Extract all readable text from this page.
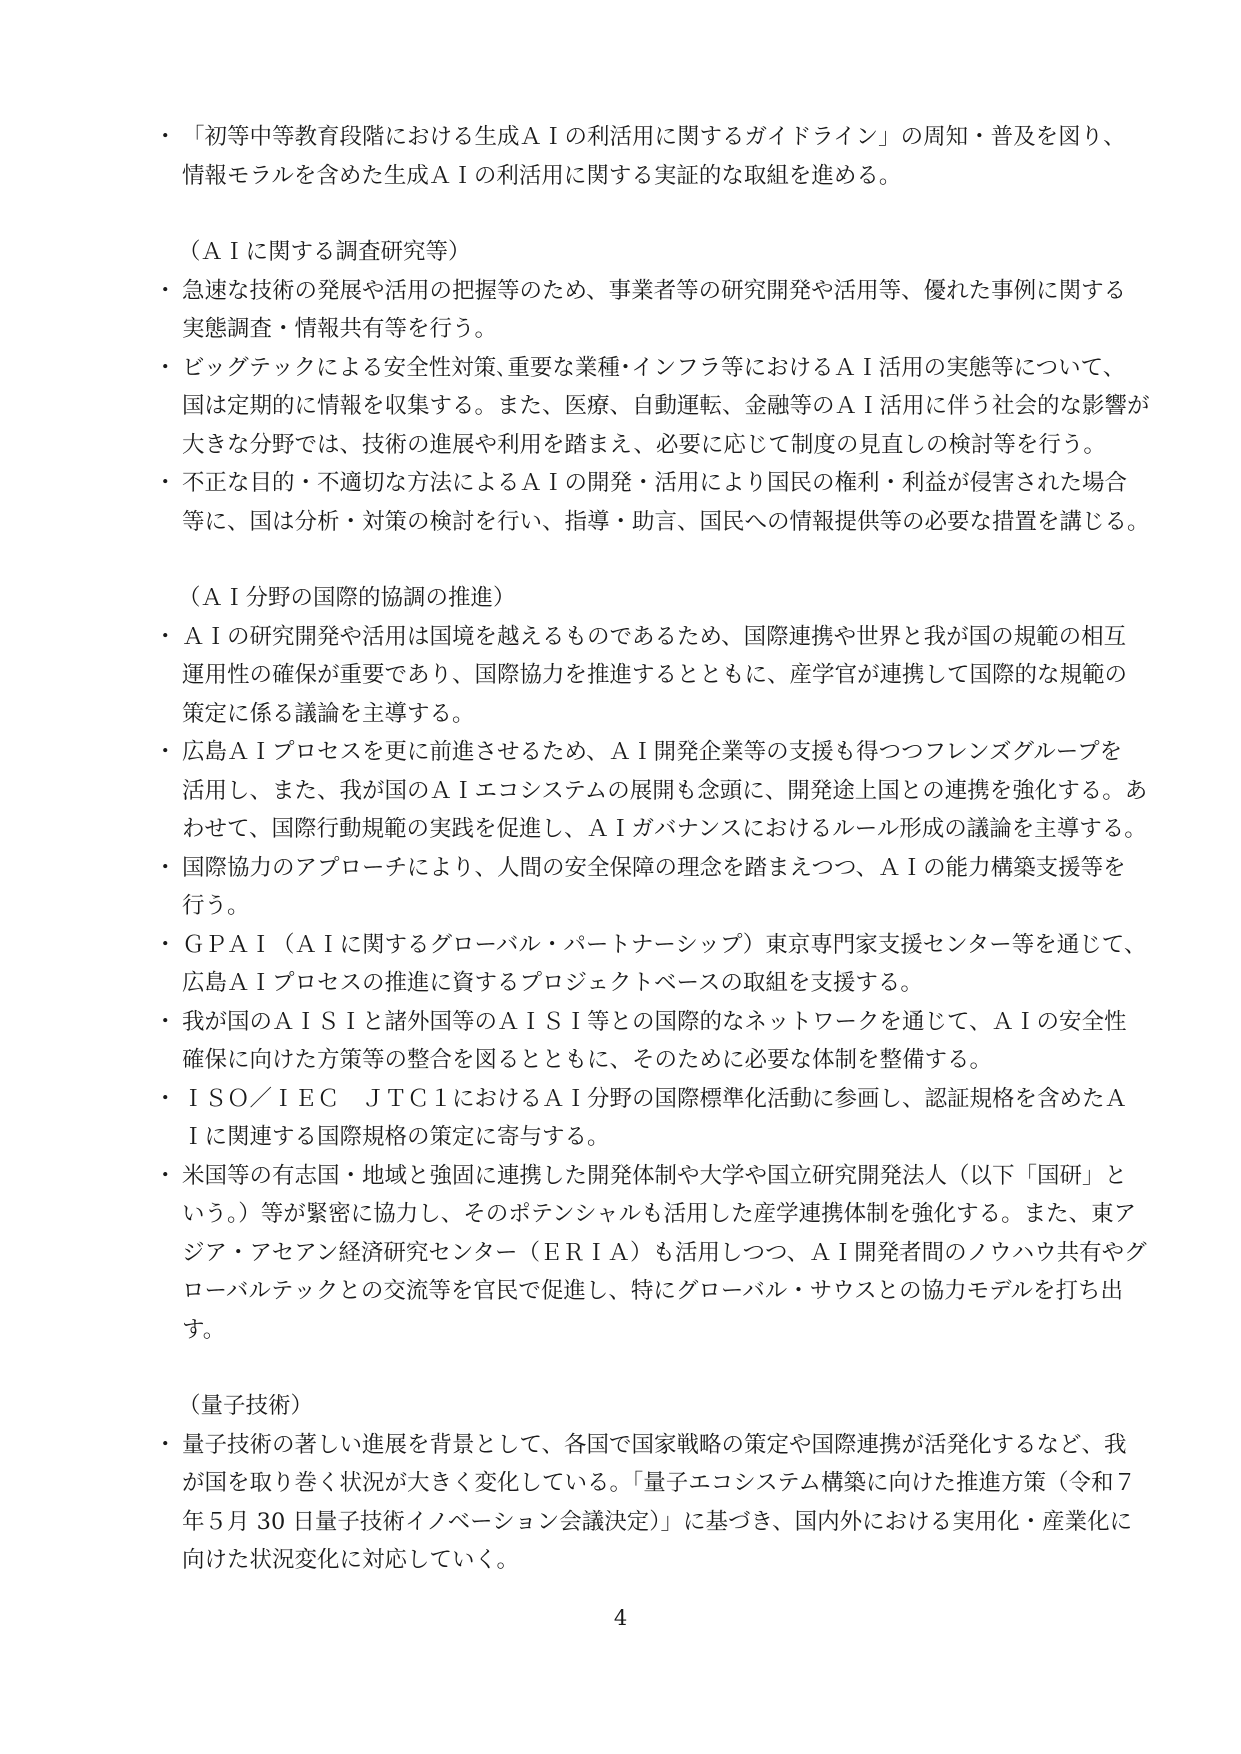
・ 「初等中等教育段階における生成ＡＩの利活用に関するガイドライン」の周知・普及を図り、
情報モラルを含めた生成ＡＩの利活用に関する実証的な取組を進める。
（ＡＩに関する調査研究等）
・ 急速な技術の発展や活用の把握等のため、事業者等の研究開発や活用等、優れた事例に関する
実態調査・情報共有等を行う。
・ ビッグテックによる安全性対策､重要な業種･インフラ等におけるＡＩ活用の実態等について、
国は定期的に情報を収集する。また、医療、自動運転、金融等のＡＩ活用に伴う社会的な影響が
大きな分野では、技術の進展や利用を踏まえ、必要に応じて制度の見直しの検討等を行う。
・ 不正な目的・不適切な方法によるＡＩの開発・活用により国民の権利・利益が侵害された場合
等に、国は分析・対策の検討を行い、指導・助言、国民への情報提供等の必要な措置を講じる。
（ＡＩ分野の国際的協調の推進）
・ ＡＩの研究開発や活用は国境を越えるものであるため、国際連携や世界と我が国の規範の相互
運用性の確保が重要であり、国際協力を推進するとともに、産学官が連携して国際的な規範の
策定に係る議論を主導する。
・ 広島ＡＩプロセスを更に前進させるため、ＡＩ開発企業等の支援も得つつフレンズグループを
活用し、また、我が国のＡＩエコシステムの展開も念頭に、開発途上国との連携を強化する。あ
わせて、国際行動規範の実践を促進し、ＡＩガバナンスにおけるルール形成の議論を主導する。
・ 国際協力のアプローチにより、人間の安全保障の理念を踏まえつつ、ＡＩの能力構築支援等を
行う。
・ ＧＰＡＩ（ＡＩに関するグローバル・パートナーシップ）東京専門家支援センター等を通じて、
広島ＡＩプロセスの推進に資するプロジェクトベースの取組を支援する。
・ 我が国のＡＩＳＩと諸外国等のＡＩＳＩ等との国際的なネットワークを通じて、ＡＩの安全性
確保に向けた方策等の整合を図るとともに、そのために必要な体制を整備する。
・ ＩＳＯ／ＩＥＣ　ＪＴＣ１におけるＡＩ分野の国際標準化活動に参画し、認証規格を含めたＡ
Ｉに関連する国際規格の策定に寄与する。
・ 米国等の有志国・地域と強固に連携した開発体制や大学や国立研究開発法人（以下「国研」と
いう。）等が緊密に協力し、そのポテンシャルも活用した産学連携体制を強化する。また、東ア
ジア・アセアン経済研究センター（ＥＲＩＡ）も活用しつつ、ＡＩ開発者間のノウハウ共有やグ
ローバルテックとの交流等を官民で促進し、特にグローバル・サウスとの協力モデルを打ち出
す。
（量子技術）
・ 量子技術の著しい進展を背景として、各国で国家戦略の策定や国際連携が活発化するなど、我
が国を取り巻く状況が大きく変化している。「量子エコシステム構築に向けた推進方策（令和７
年５月 30 日量子技術イノベーション会議決定）」に基づき、国内外における実用化・産業化に
向けた状況変化に対応していく。
4
